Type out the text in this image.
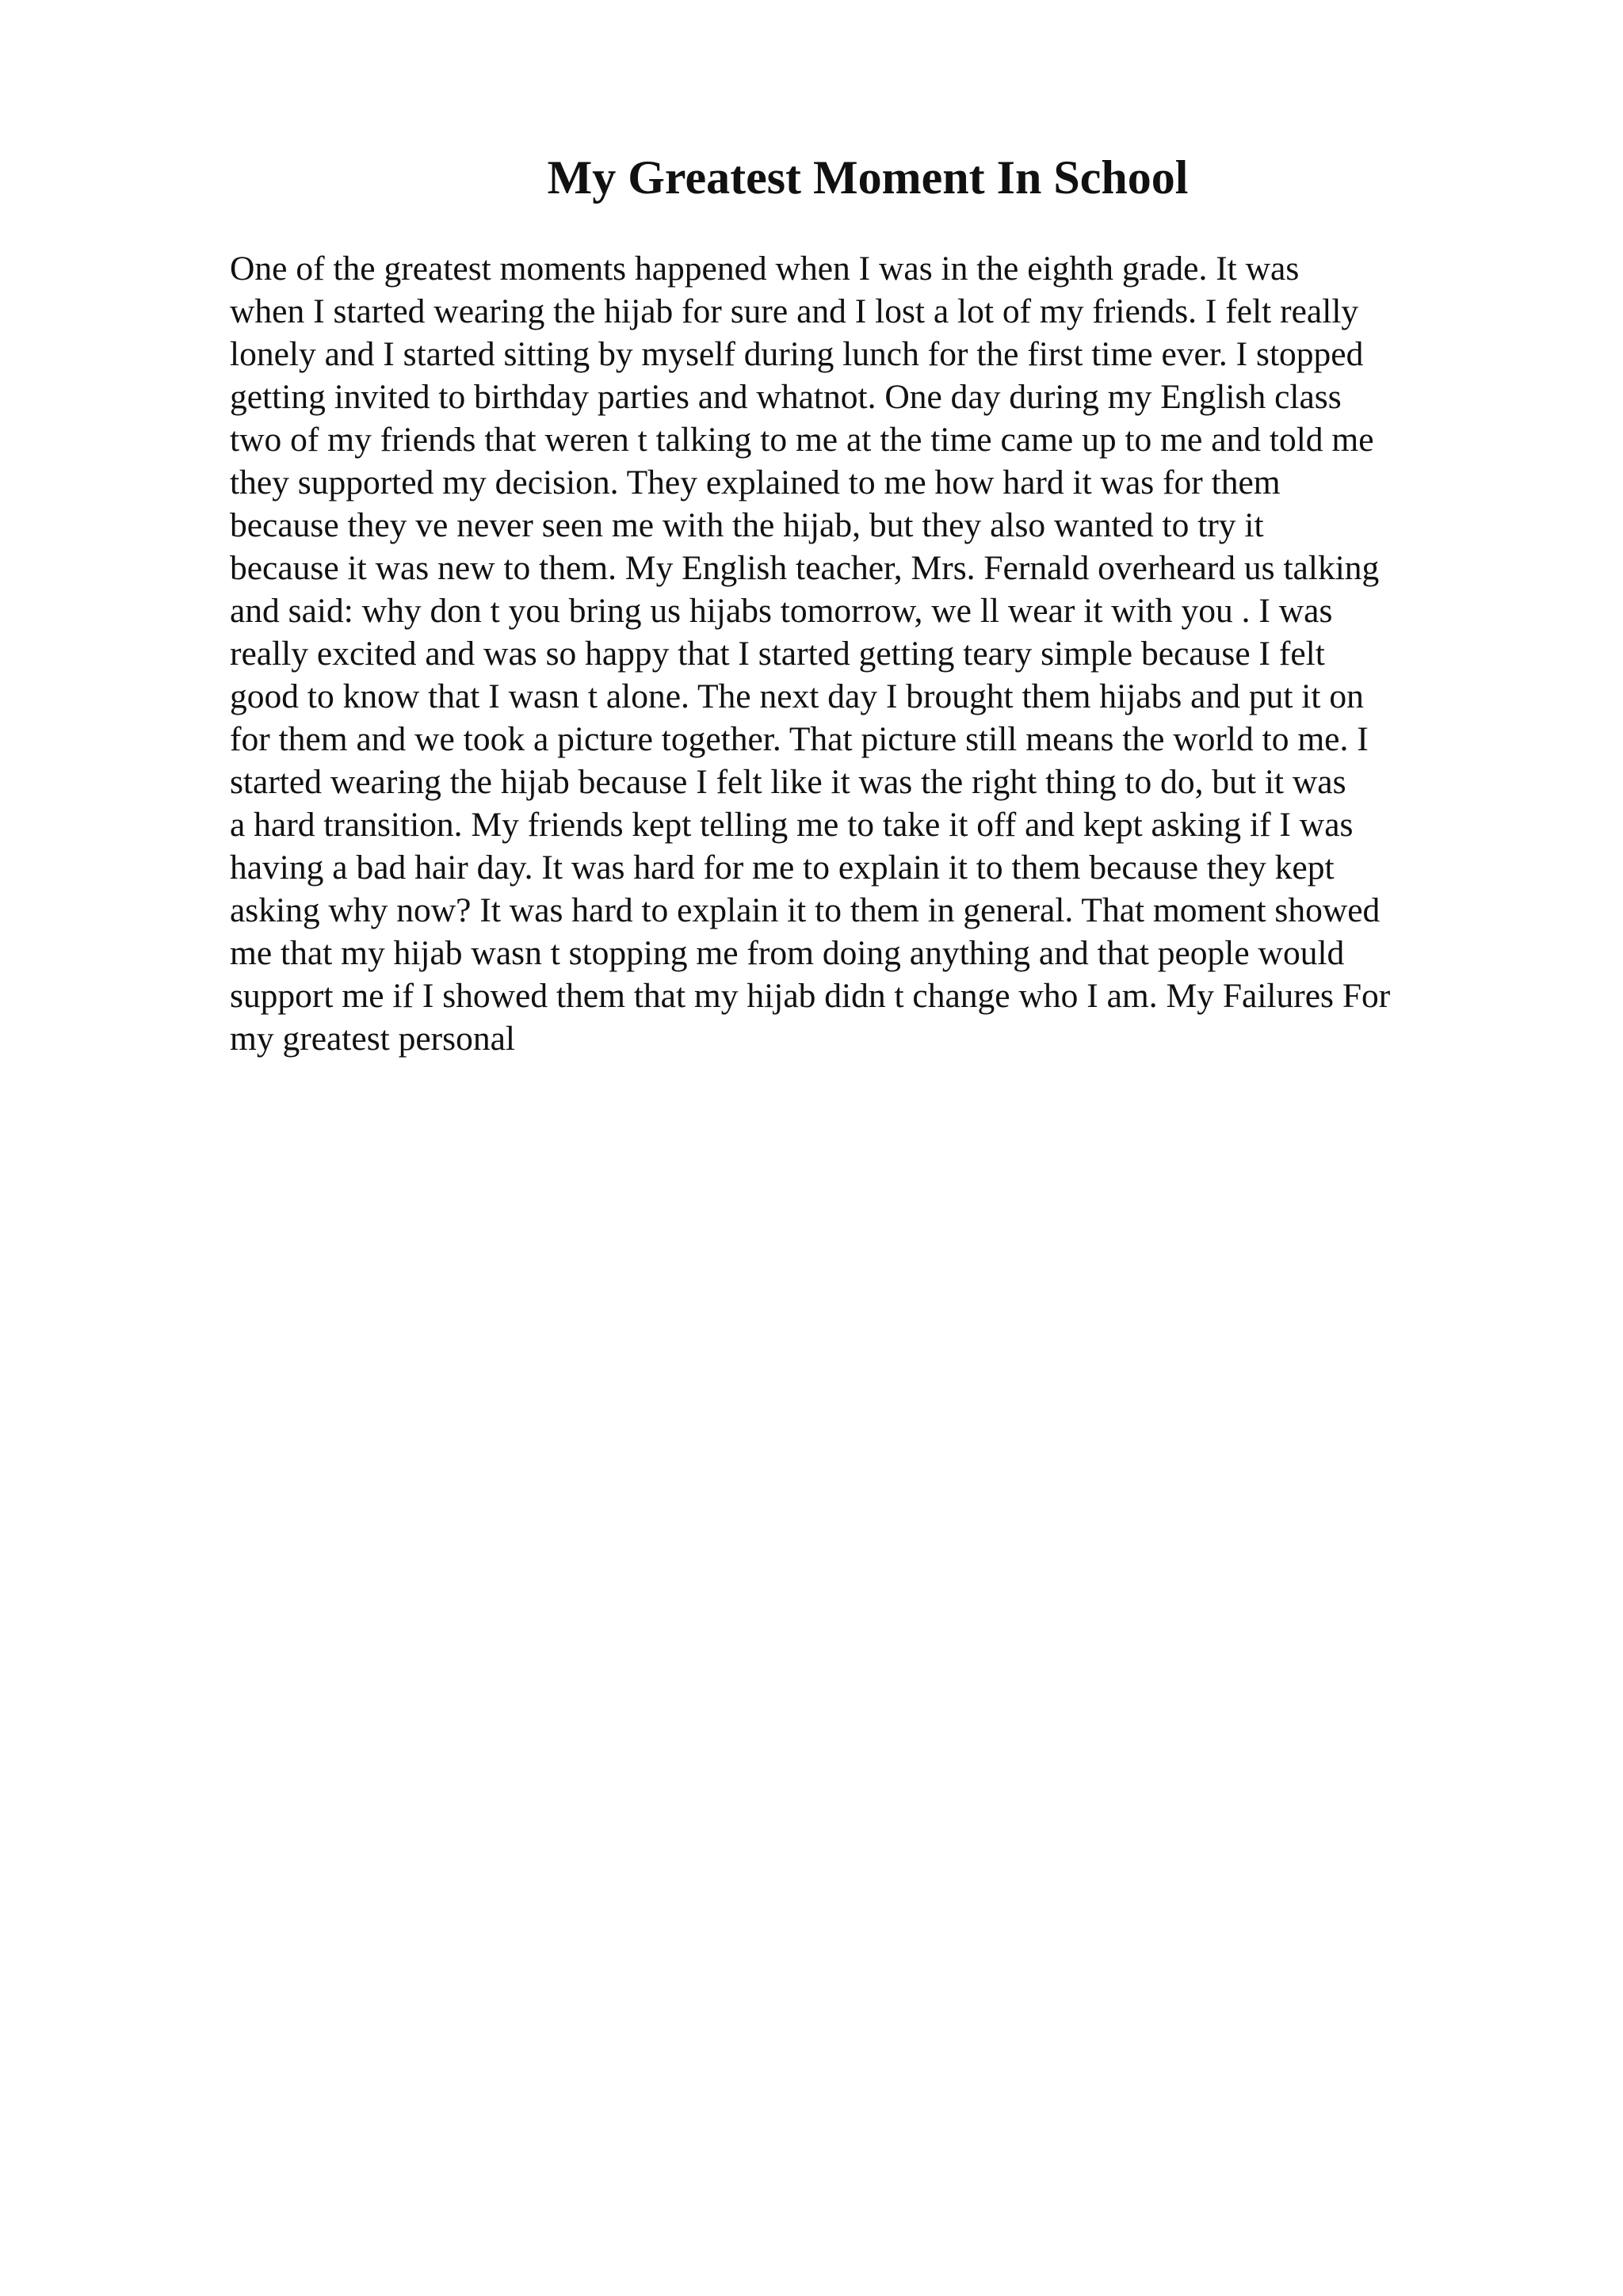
My Greatest Moment In School

One of the greatest moments happened when I was in the eighth grade. It was

when I started wearing the hijab for sure and I lost a lot of my friends. I felt really

lonely and I started sitting by myself during lunch for the first time ever. I stopped

getting invited to birthday parties and whatnot. One day during my English class

two of my friends that weren t talking to me at the time came up to me and told me

they supported my decision. They explained to me how hard it was for them

because they ve never seen me with the hijab, but they also wanted to try it

because it was new to them. My English teacher, Mrs. Fernald overheard us talking

and said: why don t you bring us hijabs tomorrow, we ll wear it with you . I was

really excited and was so happy that I started getting teary simple because I felt

good to know that I wasn t alone. The next day I brought them hijabs and put it on

for them and we took a picture together. That picture still means the world to me. I

started wearing the hijab because I felt like it was the right thing to do, but it was

a hard transition. My friends kept telling me to take it off and kept asking if I was

having a bad hair day. It was hard for me to explain it to them because they kept

asking why now? It was hard to explain it to them in general. That moment showed

me that my hijab wasn t stopping me from doing anything and that people would

support me if I showed them that my hijab didn t change who I am. My Failures For

my greatest personal
